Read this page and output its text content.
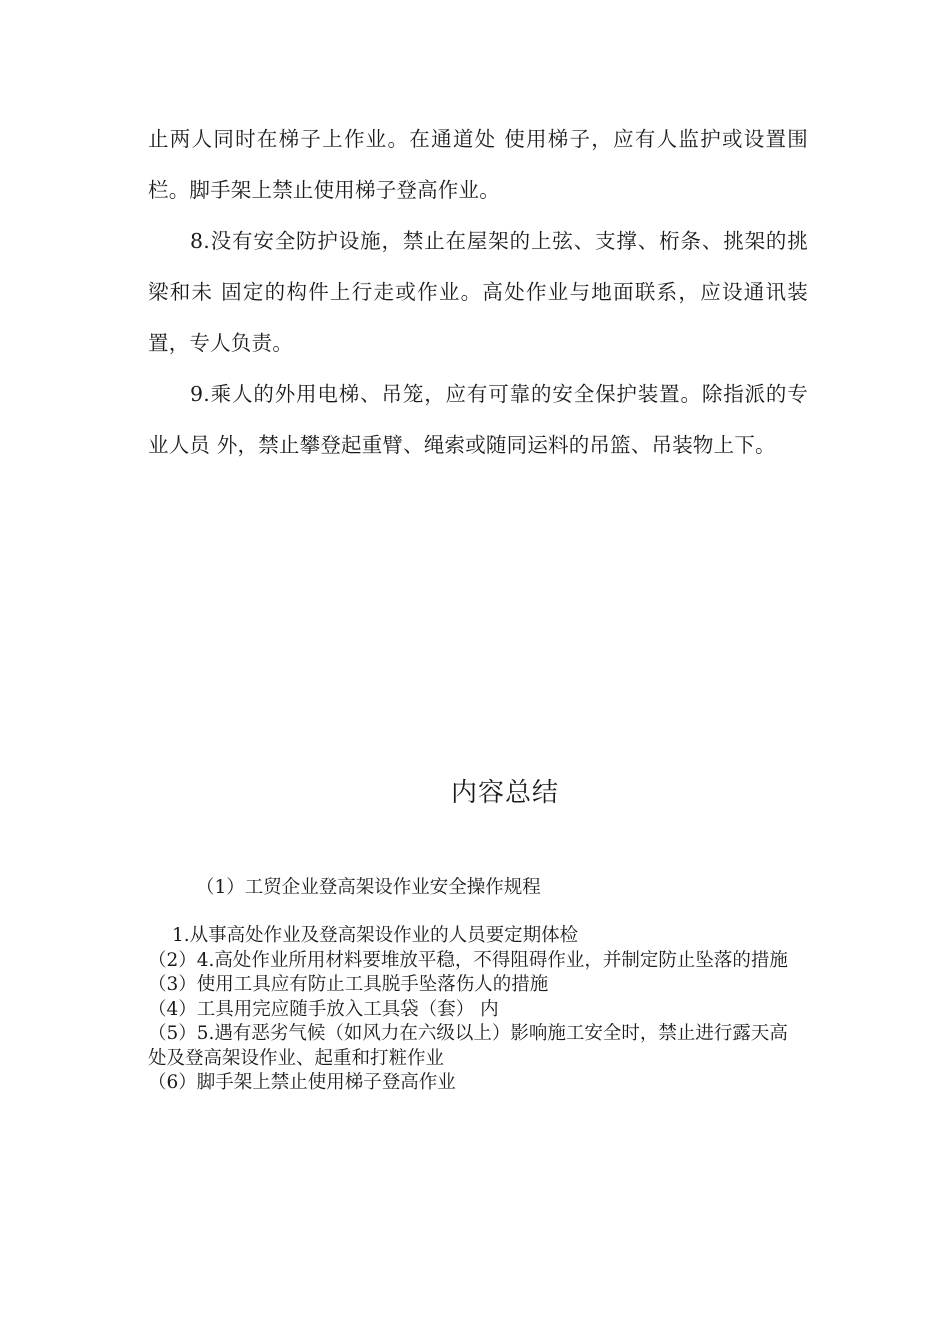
止两人同时在梯子上作业。在通道处 使用梯子，应有人监护或设置围栏。脚手架上禁止使用梯子登高作业。

8.没有安全防护设施，禁止在屋架的上弦、支撑、桁条、挑架的挑梁和未 固定的构件上行走或作业。高处作业与地面联系，应设通讯装置，专人负责。

9.乘人的外用电梯、吊笼，应有可靠的安全保护装置。除指派的专业人员 外，禁止攀登起重臂、绳索或随同运料的吊篮、吊装物上下。

内容总结
（1）工贸企业登高架设作业安全操作规程
1.从事高处作业及登高架设作业的人员要定期体检
（2）4.高处作业所用材料要堆放平稳，不得阻碍作业，并制定防止坠落的措施
（3）使用工具应有防止工具脱手坠落伤人的措施
（4）工具用完应随手放入工具袋（套） 内
（5）5.遇有恶劣气候（如风力在六级以上）影响施工安全时，禁止进行露天高 处及登高架设作业、起重和打粧作业
（6）脚手架上禁止使用梯子登高作业
